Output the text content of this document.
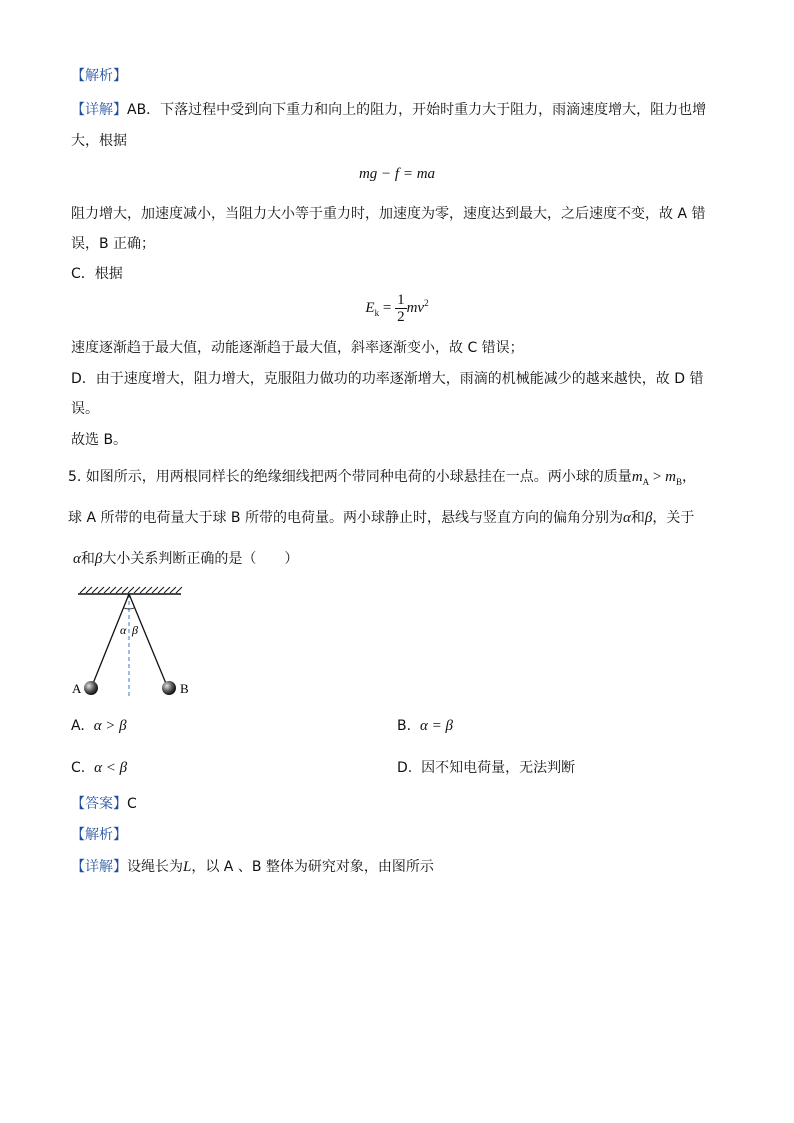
【解析】
【详解】AB．下落过程中受到向下重力和向上的阻力，开始时重力大于阻力，雨滴速度增大，阻力也增
大，根据
mg − f = ma
阻力增大，加速度减小，当阻力大小等于重力时，加速度为零，速度达到最大，之后速度不变，故 A 错
误，B 正确；
C．根据
$E_k = \frac{1}{2} mv^2$
速度逐渐趋于最大值，动能逐渐趋于最大值，斜率逐渐变小，故 C 错误；
D．由于速度增大，阻力增大，克服阻力做功的功率逐渐增大，雨滴的机械能减少的越来越快，故 D 错
误。
故选 B。
5. 如图所示，用两根同样长的绝缘细线把两个带同种电荷的小球悬挂在一点。两小球的质量$m_A > m_B$，
球 A 所带的电荷量大于球 B 所带的电荷量。两小球静止时，悬线与竖直方向的偏角分别为α和β，关于
α和β大小关系判断正确的是（　　）
α β
A	B
A. α > β	B. α = β
C. α < β	D. 因不知电荷量，无法判断
【答案】C
【解析】
【详解】设绳长为L，以 A 、B 整体为研究对象，由图所示
